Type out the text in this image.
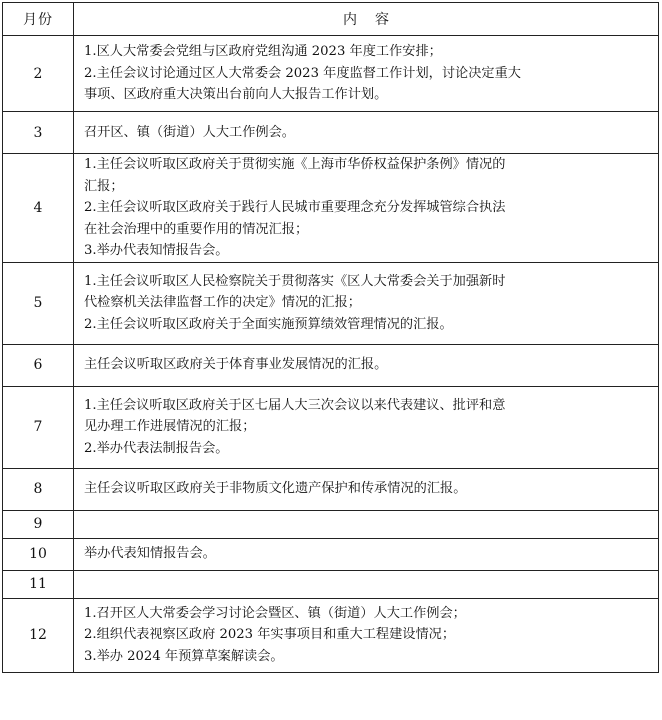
月份	内容
2	1.区人大常委会党组与区政府党组沟通 2023 年度工作安排；
2.主任会议讨论通过区人大常委会 2023 年度监督工作计划，讨论决定重大
事项、区政府重大决策出台前向人大报告工作计划。

3	召开区、镇（街道）人大工作例会。

4	1.主任会议听取区政府关于贯彻实施《上海市华侨权益保护条例》情况的
汇报；
2.主任会议听取区政府关于践行人民城市重要理念充分发挥城管综合执法
在社会治理中的重要作用的情况汇报；
3.举办代表知情报告会。

5	1.主任会议听取区人民检察院关于贯彻落实《区人大常委会关于加强新时
代检察机关法律监督工作的决定》情况的汇报；
2.主任会议听取区政府关于全面实施预算绩效管理情况的汇报。

6	主任会议听取区政府关于体育事业发展情况的汇报。

7	1.主任会议听取区政府关于区七届人大三次会议以来代表建议、批评和意
见办理工作进展情况的汇报；
2.举办代表法制报告会。

8	主任会议听取区政府关于非物质文化遗产保护和传承情况的汇报。

9	
10	举办代表知情报告会。

11	
12	1.召开区人大常委会学习讨论会暨区、镇（街道）人大工作例会；
2.组织代表视察区政府 2023 年实事项目和重大工程建设情况；
3.举办 2024 年预算草案解读会。
